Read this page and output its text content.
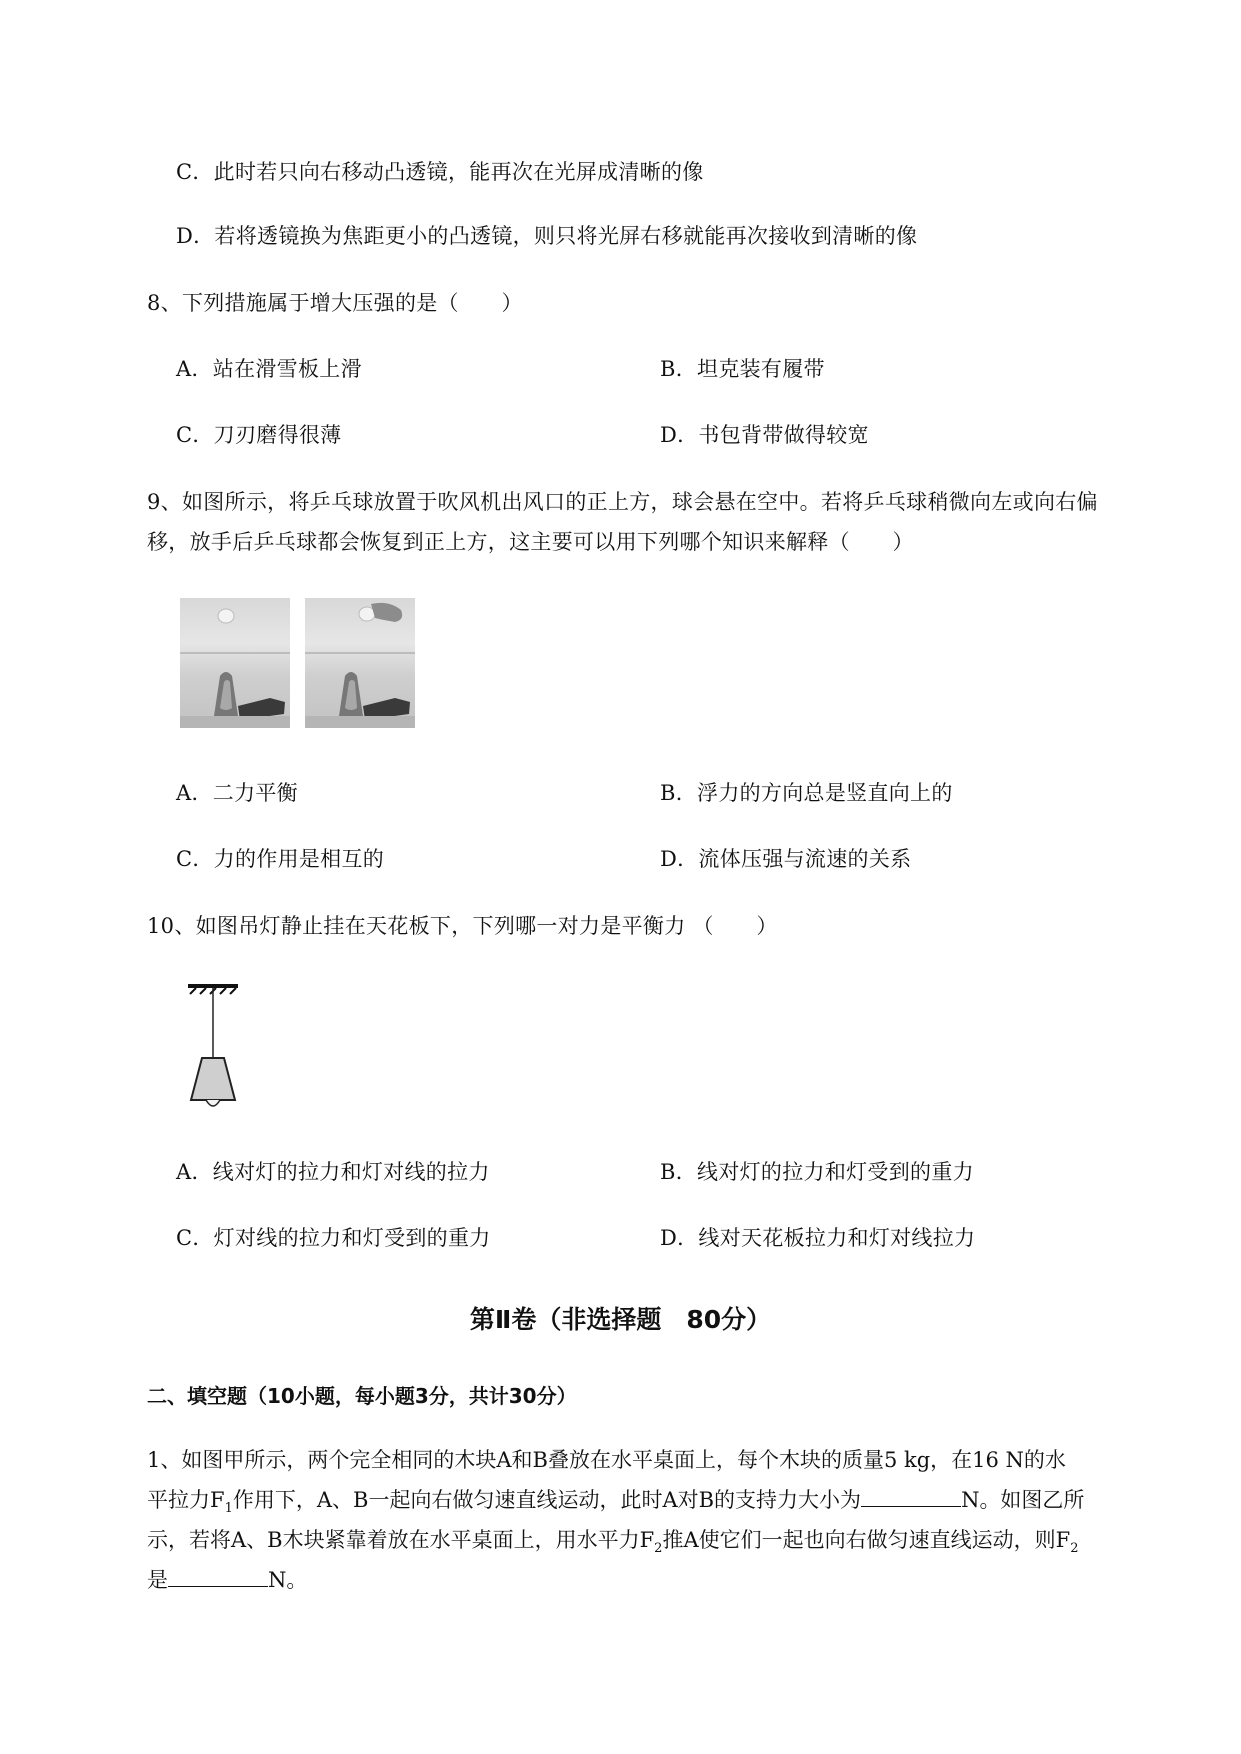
C．此时若只向右移动凸透镜，能再次在光屏成清晰的像
D．若将透镜换为焦距更小的凸透镜，则只将光屏右移就能再次接收到清晰的像
8、下列措施属于增大压强的是（　　）
A．站在滑雪板上滑	B．坦克装有履带
C．刀刃磨得很薄	D．书包背带做得较宽
9、如图所示，将乒乓球放置于吹风机出风口的正上方，球会悬在空中。若将乒乓球稍微向左或向右偏
移，放手后乒乓球都会恢复到正上方，这主要可以用下列哪个知识来解释（　　）
A．二力平衡	B．浮力的方向总是竖直向上的
C．力的作用是相互的	D．流体压强与流速的关系
10、如图吊灯静止挂在天花板下，下列哪一对力是平衡力 （　　）
A．线对灯的拉力和灯对线的拉力	B．线对灯的拉力和灯受到的重力
C．灯对线的拉力和灯受到的重力	D．线对天花板拉力和灯对线拉力
第Ⅱ卷（非选择题　80分）
二、填空题（10小题，每小题3分，共计30分）
1、如图甲所示，两个完全相同的木块A和B叠放在水平桌面上，每个木块的质量5 kg，在16 N的水
平拉力$F_1$作用下，A、B一起向右做匀速直线运动，此时A对B的支持力大小为	N。如图乙所
示，若将A、B木块紧靠着放在水平桌面上，用水平力$F_2$推A使它们一起也向右做匀速直线运动，则$F_2$
是	N。
